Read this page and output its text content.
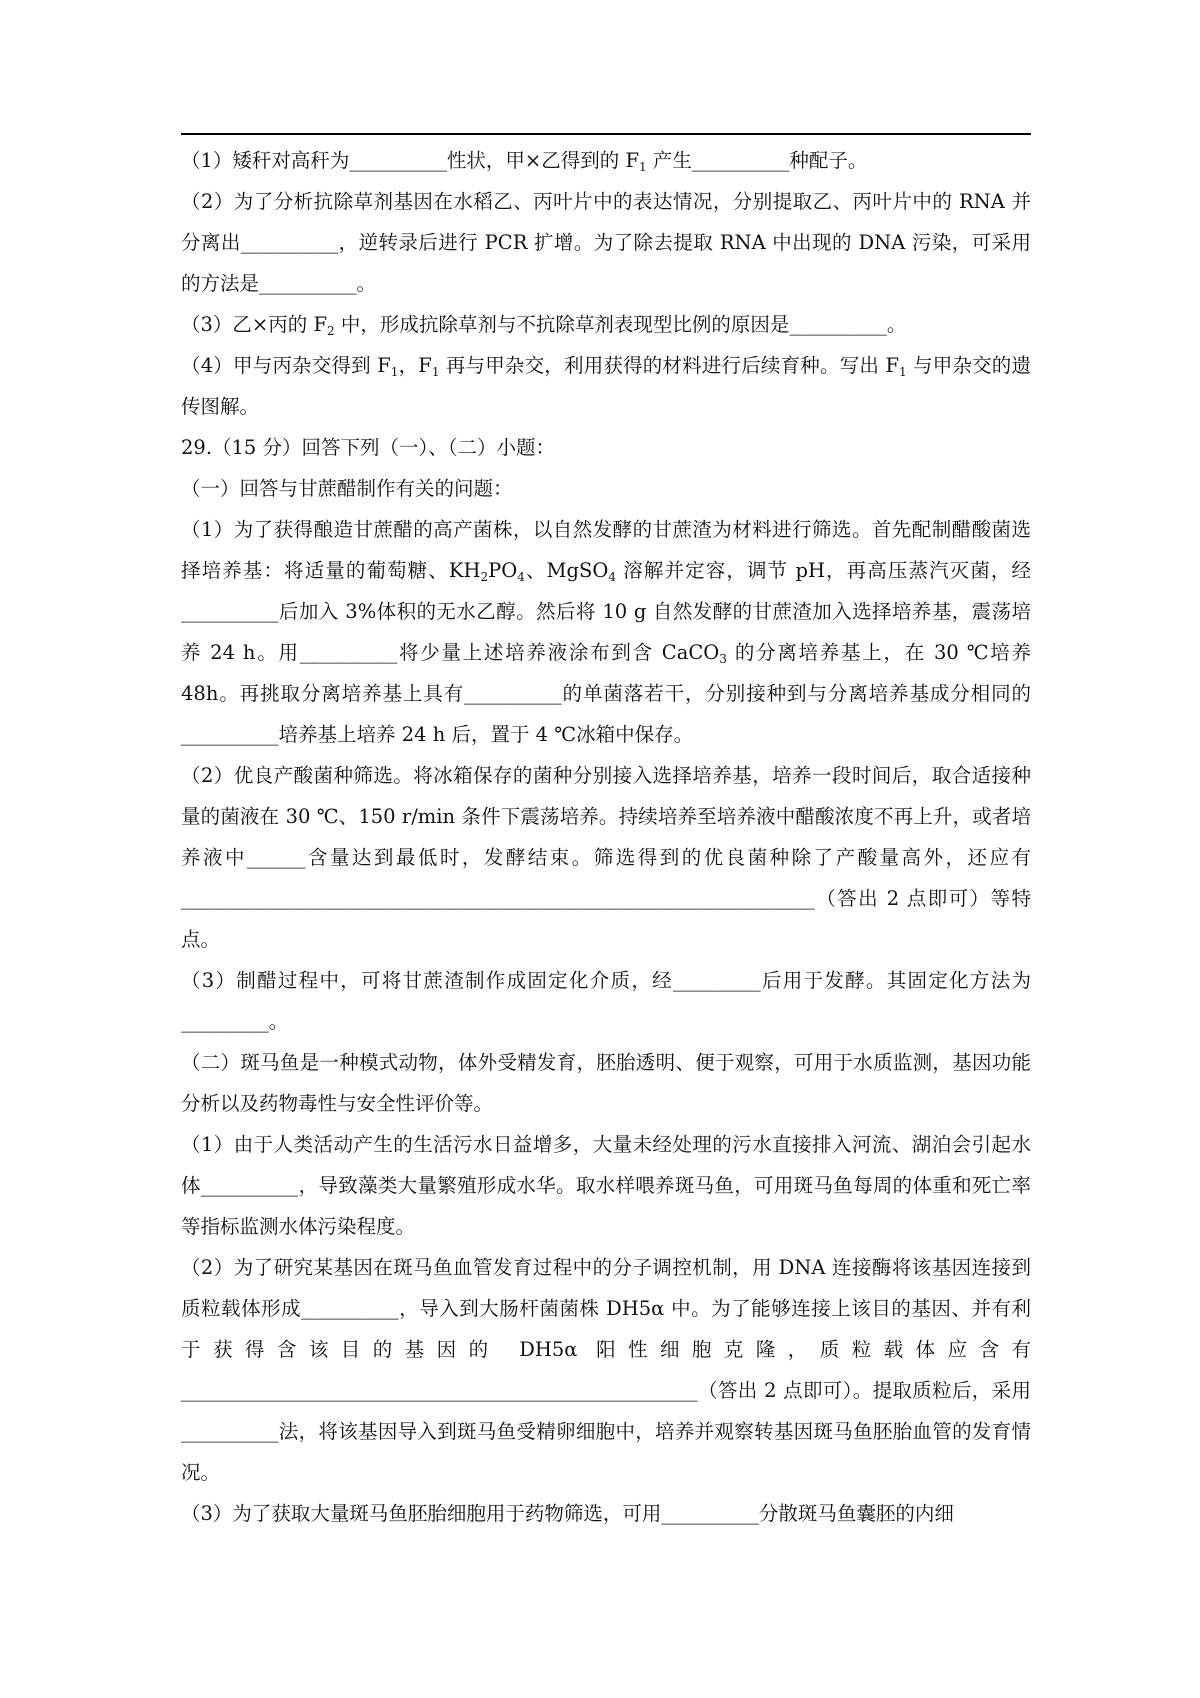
（1）矮秆对高秆为__________性状，甲×乙得到的 $F_1$ 产生__________种配子。
（2）为了分析抗除草剂基因在水稻乙、丙叶片中的表达情况，分别提取乙、丙叶片中的 RNA 并分离出__________，逆转录后进行 PCR 扩增。为了除去提取 RNA 中出现的 DNA 污染，可采用的方法是__________。
（3）乙×丙的 $F_2$ 中，形成抗除草剂与不抗除草剂表现型比例的原因是__________。
（4）甲与丙杂交得到 $F_1$，$F_1$ 再与甲杂交，利用获得的材料进行后续育种。写出 $F_1$ 与甲杂交的遗传图解。
29.（15 分）回答下列（一）、（二）小题：
（一）回答与甘蔗醋制作有关的问题：
（1）为了获得酿造甘蔗醋的高产菌株，以自然发酵的甘蔗渣为材料进行筛选。首先配制醋酸菌选择培养基：将适量的葡萄糖、$KH_2PO_4$、MgSO$_4$ 溶解并定容，调节 pH，再高压蒸汽灭菌，经__________后加入 3%体积的无水乙醇。然后将 10 g 自然发酵的甘蔗渣加入选择培养基，震荡培养 24 h。用__________将少量上述培养液涂布到含 CaCO$_3$ 的分离培养基上，在 30 ℃培养 48h。再挑取分离培养基上具有__________的单菌落若干，分别接种到与分离培养基成分相同的__________培养基上培养 24 h 后，置于 4 ℃冰箱中保存。
（2）优良产酸菌种筛选。将冰箱保存的菌种分别接入选择培养基，培养一段时间后，取合适接种量的菌液在 30 ℃、150 r/min 条件下震荡培养。持续培养至培养液中醋酸浓度不再上升，或者培养液中______含量达到最低时，发酵结束。筛选得到的优良菌种除了产酸量高外，还应有_________________________________________________________________（答出 2 点即可）等特点。
（3）制醋过程中，可将甘蔗渣制作成固定化介质，经_________后用于发酵。其固定化方法为_________。
（二）斑马鱼是一种模式动物，体外受精发育，胚胎透明、便于观察，可用于水质监测，基因功能分析以及药物毒性与安全性评价等。
（1）由于人类活动产生的生活污水日益增多，大量未经处理的污水直接排入河流、湖泊会引起水体__________，导致藻类大量繁殖形成水华。取水样喂养斑马鱼，可用斑马鱼每周的体重和死亡率等指标监测水体污染程度。
（2）为了研究某基因在斑马鱼血管发育过程中的分子调控机制，用 DNA 连接酶将该基因连接到质粒载体形成__________，导入到大肠杆菌菌株 DH5α 中。为了能够连接上该目的基因、并有利于获得含该目的基因的 DH5α 阳性细胞克隆，质粒载体应含有_____________________________________________________（答出 2 点即可）。提取质粒后，采用__________法，将该基因导入到斑马鱼受精卵细胞中，培养并观察转基因斑马鱼胚胎血管的发育情况。
（3）为了获取大量斑马鱼胚胎细胞用于药物筛选，可用__________分散斑马鱼囊胚的内细
